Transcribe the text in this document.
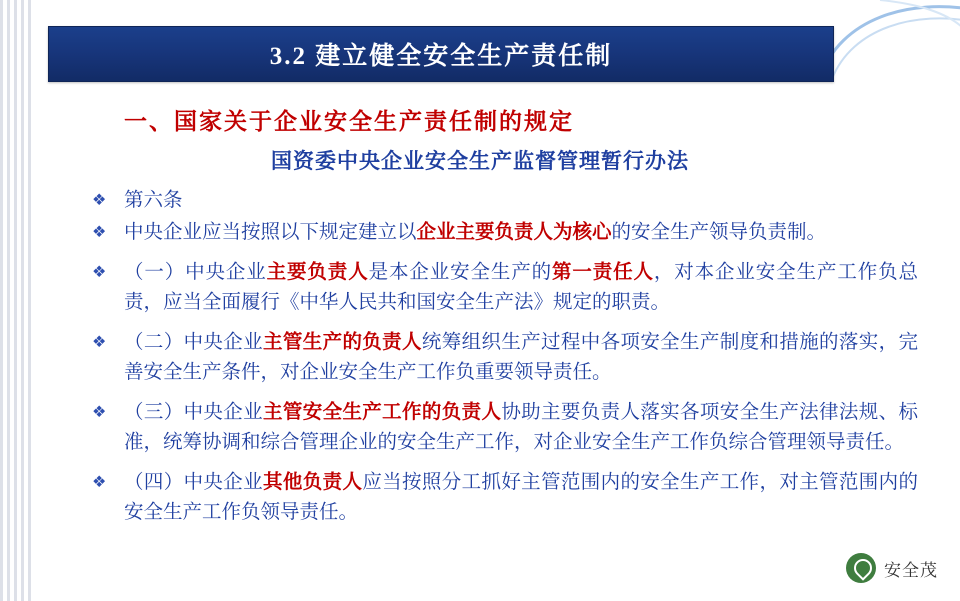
3.2 建立健全安全生产责任制
一、国家关于企业安全生产责任制的规定
国资委中央企业安全生产监督管理暂行办法
❖ 第六条
❖ 中央企业应当按照以下规定建立以企业主要负责人为核心的安全生产领导负责制。
❖ （一）中央企业主要负责人是本企业安全生产的第一责任人，对本企业安全生产工作负总责，应当全面履行《中华人民共和国安全生产法》规定的职责。
❖ （二）中央企业主管生产的负责人统筹组织生产过程中各项安全生产制度和措施的落实，完善安全生产条件，对企业安全生产工作负重要领导责任。
❖ （三）中央企业主管安全生产工作的负责人协助主要负责人落实各项安全生产法律法规、标准，统筹协调和综合管理企业的安全生产工作，对企业安全生产工作负综合管理领导责任。
❖ （四）中央企业其他负责人应当按照分工抓好主管范围内的安全生产工作，对主管范围内的安全生产工作负领导责任。
安全茂
